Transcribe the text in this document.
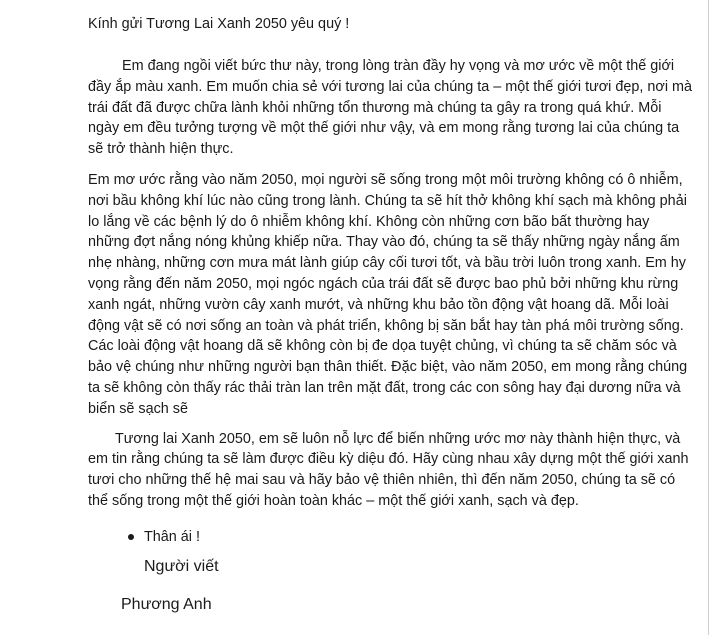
Kính gửi Tương Lai Xanh 2050 yêu quý !

Em đang ngồi viết bức thư này, trong lòng tràn đầy hy vọng và mơ ước về một thế giới đầy ắp màu xanh. Em muốn chia sẻ với tương lai của chúng ta – một thế giới tươi đẹp, nơi mà trái đất đã được chữa lành khỏi những tổn thương mà chúng ta gây ra trong quá khứ. Mỗi ngày em đều tưởng tượng về một thế giới như vậy, và em mong rằng tương lai của chúng ta sẽ trở thành hiện thực.

Em mơ ước rằng vào năm 2050, mọi người sẽ sống trong một môi trường không có ô nhiễm, nơi bầu không khí lúc nào cũng trong lành. Chúng ta sẽ hít thở không khí sạch mà không phải lo lắng về các bệnh lý do ô nhiễm không khí. Không còn những cơn bão bất thường hay những đợt nắng nóng khủng khiếp nữa. Thay vào đó, chúng ta sẽ thấy những ngày nắng ấm nhẹ nhàng, những cơn mưa mát lành giúp cây cối tươi tốt, và bầu trời luôn trong xanh. Em hy vọng rằng đến năm 2050, mọi ngóc ngách của trái đất sẽ được bao phủ bởi những khu rừng xanh ngát, những vườn cây xanh mướt, và những khu bảo tồn động vật hoang dã. Mỗi loài động vật sẽ có nơi sống an toàn và phát triển, không bị săn bắt hay tàn phá môi trường sống. Các loài động vật hoang dã sẽ không còn bị đe dọa tuyệt chủng, vì chúng ta sẽ chăm sóc và bảo vệ chúng như những người bạn thân thiết. Đặc biệt, vào năm 2050, em mong rằng chúng ta sẽ không còn thấy rác thải tràn lan trên mặt đất, trong các con sông hay đại dương nữa và biển sẽ sạch sẽ

Tương lai Xanh 2050, em sẽ luôn nỗ lực để biến những ước mơ này thành hiện thực, và em tin rằng chúng ta sẽ làm được điều kỳ diệu đó. Hãy cùng nhau xây dựng một thế giới xanh tươi cho những thế hệ mai sau và hãy bảo vệ thiên nhiên, thì đến năm 2050, chúng ta sẽ có thể sống trong một thế giới hoàn toàn khác – một thế giới xanh, sạch và đẹp.

Thân ái !
Người viết
Phương Anh
